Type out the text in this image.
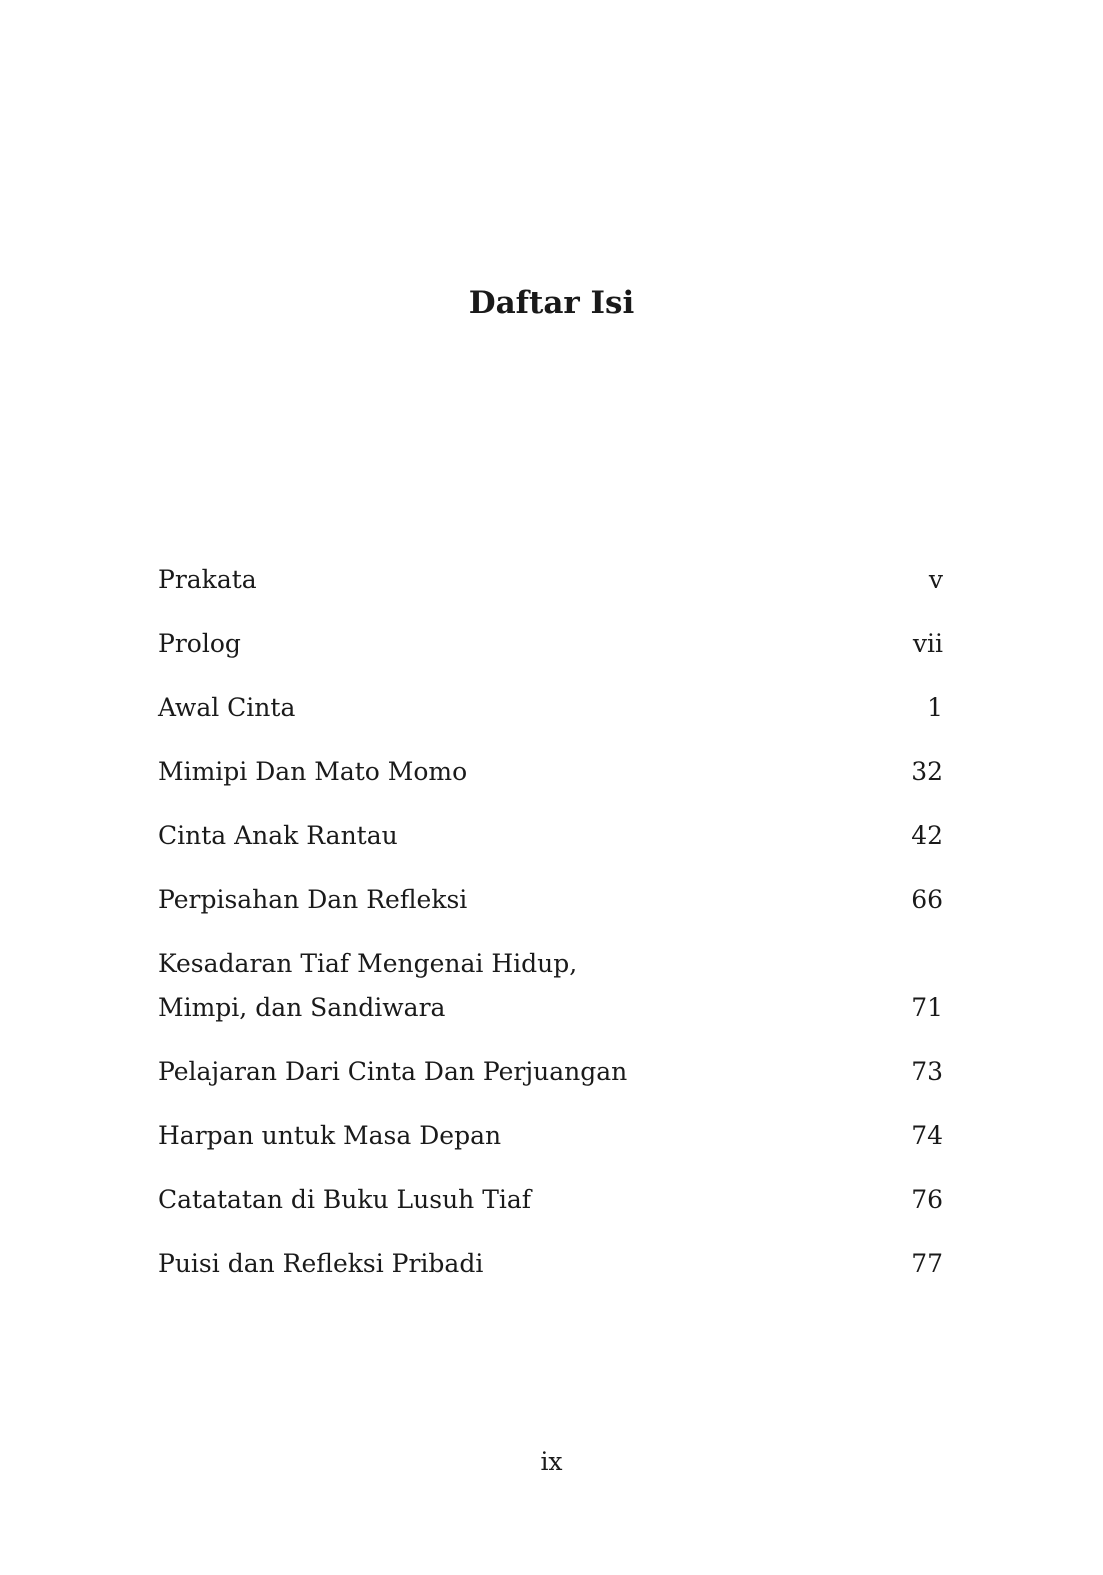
Daftar Isi
Prakata	v
Prolog	vii
Awal Cinta	1
Mimipi Dan Mato Momo	32
Cinta Anak Rantau	42
Perpisahan Dan Refleksi	66
Kesadaran Tiaf Mengenai Hidup,
Mimpi, dan Sandiwara	71
Pelajaran Dari Cinta Dan Perjuangan	73
Harpan untuk Masa Depan	74
Catatatan di Buku Lusuh Tiaf	76
Puisi dan Refleksi Pribadi	77
ix
